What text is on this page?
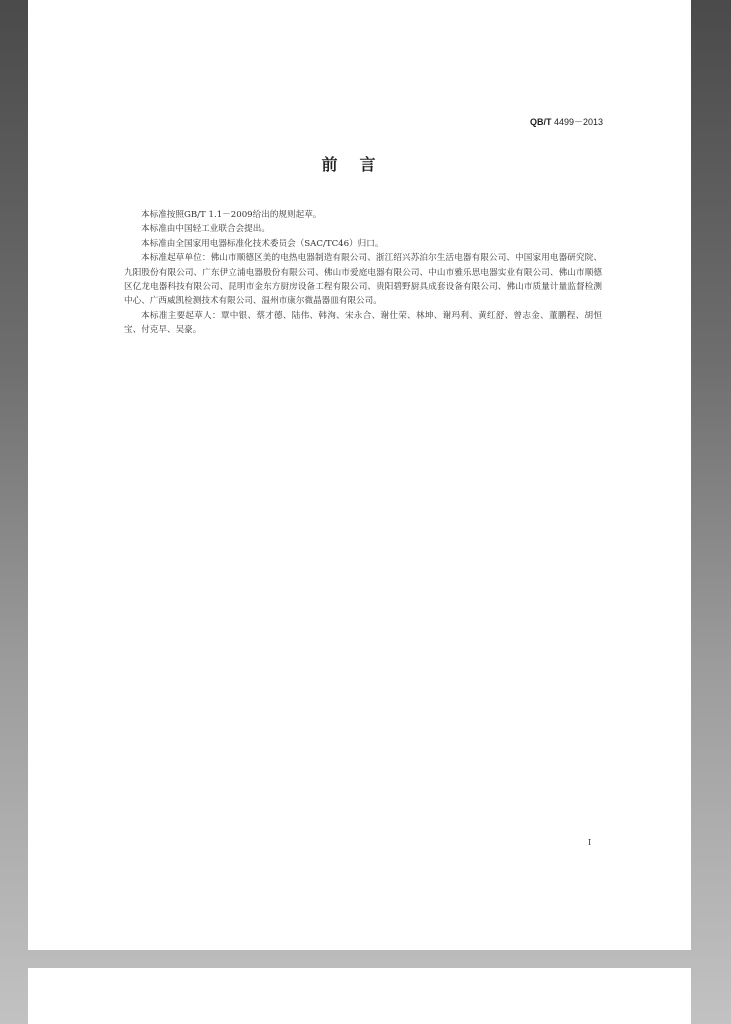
QB/T 4499－2013
前言

本标准按照GB/T 1.1－2009给出的规则起草。

本标准由中国轻工业联合会提出。

本标准由全国家用电器标准化技术委员会（SAC/TC46）归口。

本标准起草单位：佛山市顺德区美的电热电器制造有限公司、浙江绍兴苏泊尔生活电器有限公司、中国家用电器研究院、九阳股份有限公司、广东伊立浦电器股份有限公司、佛山市爱庭电器有限公司、中山市雅乐思电器实业有限公司、佛山市顺德区亿龙电器科技有限公司、昆明市金东方厨房设备工程有限公司、贵阳碧野厨具成套设备有限公司、佛山市质量计量监督检测中心、广西威凯检测技术有限公司、温州市康尔微晶器皿有限公司。

本标准主要起草人：覃中银、蔡才德、陆伟、韩洵、宋永合、谢仕荣、林坤、谢玛利、黄红舒、曾志金、董鹏程、胡恒宝、付克早、吴豪。

I
